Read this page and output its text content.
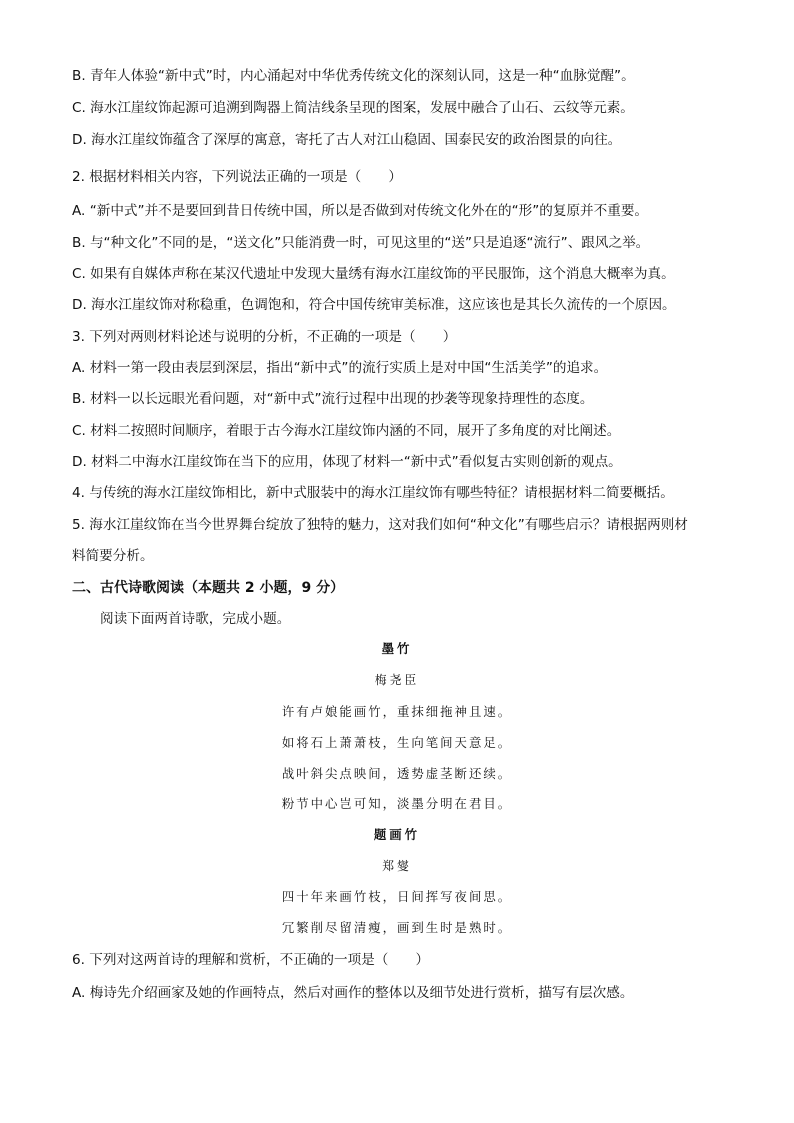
B. 青年人体验“新中式”时，内心涌起对中华优秀传统文化的深刻认同，这是一种“血脉觉醒”。
C. 海水江崖纹饰起源可追溯到陶器上简洁线条呈现的图案，发展中融合了山石、云纹等元素。
D. 海水江崖纹饰蕴含了深厚的寓意，寄托了古人对江山稳固、国泰民安的政治图景的向往。
2. 根据材料相关内容，下列说法正确的一项是（　　）
A. “新中式”并不是要回到昔日传统中国，所以是否做到对传统文化外在的“形”的复原并不重要。
B. 与“种文化”不同的是，“送文化”只能消费一时，可见这里的“送”只是追逐“流行”、跟风之举。
C. 如果有自媒体声称在某汉代遗址中发现大量绣有海水江崖纹饰的平民服饰，这个消息大概率为真。
D. 海水江崖纹饰对称稳重，色调饱和，符合中国传统审美标准，这应该也是其长久流传的一个原因。
3. 下列对两则材料论述与说明的分析，不正确的一项是（　　）
A. 材料一第一段由表层到深层，指出“新中式”的流行实质上是对中国“生活美学”的追求。
B. 材料一以长远眼光看问题，对“新中式”流行过程中出现的抄袭等现象持理性的态度。
C. 材料二按照时间顺序，着眼于古今海水江崖纹饰内涵的不同，展开了多角度的对比阐述。
D. 材料二中海水江崖纹饰在当下的应用，体现了材料一“新中式”看似复古实则创新的观点。
4. 与传统的海水江崖纹饰相比，新中式服装中的海水江崖纹饰有哪些特征？请根据材料二简要概括。
5. 海水江崖纹饰在当今世界舞台绽放了独特的魅力，这对我们如何“种文化”有哪些启示？请根据两则材
料简要分析。
二、古代诗歌阅读（本题共 2 小题，9 分）
阅读下面两首诗歌，完成小题。
墨竹
梅尧臣
许有卢娘能画竹，重抹细拖神且速。
如将石上萧萧枝，生向笔间天意足。
战叶斜尖点映间，透势虚茎断还续。
粉节中心岂可知，淡墨分明在君目。
题画竹
郑燮
四十年来画竹枝，日间挥写夜间思。
冗繁削尽留清瘦，画到生时是熟时。
6. 下列对这两首诗的理解和赏析，不正确的一项是（　　）
A. 梅诗先介绍画家及她的作画特点，然后对画作的整体以及细节处进行赏析，描写有层次感。
